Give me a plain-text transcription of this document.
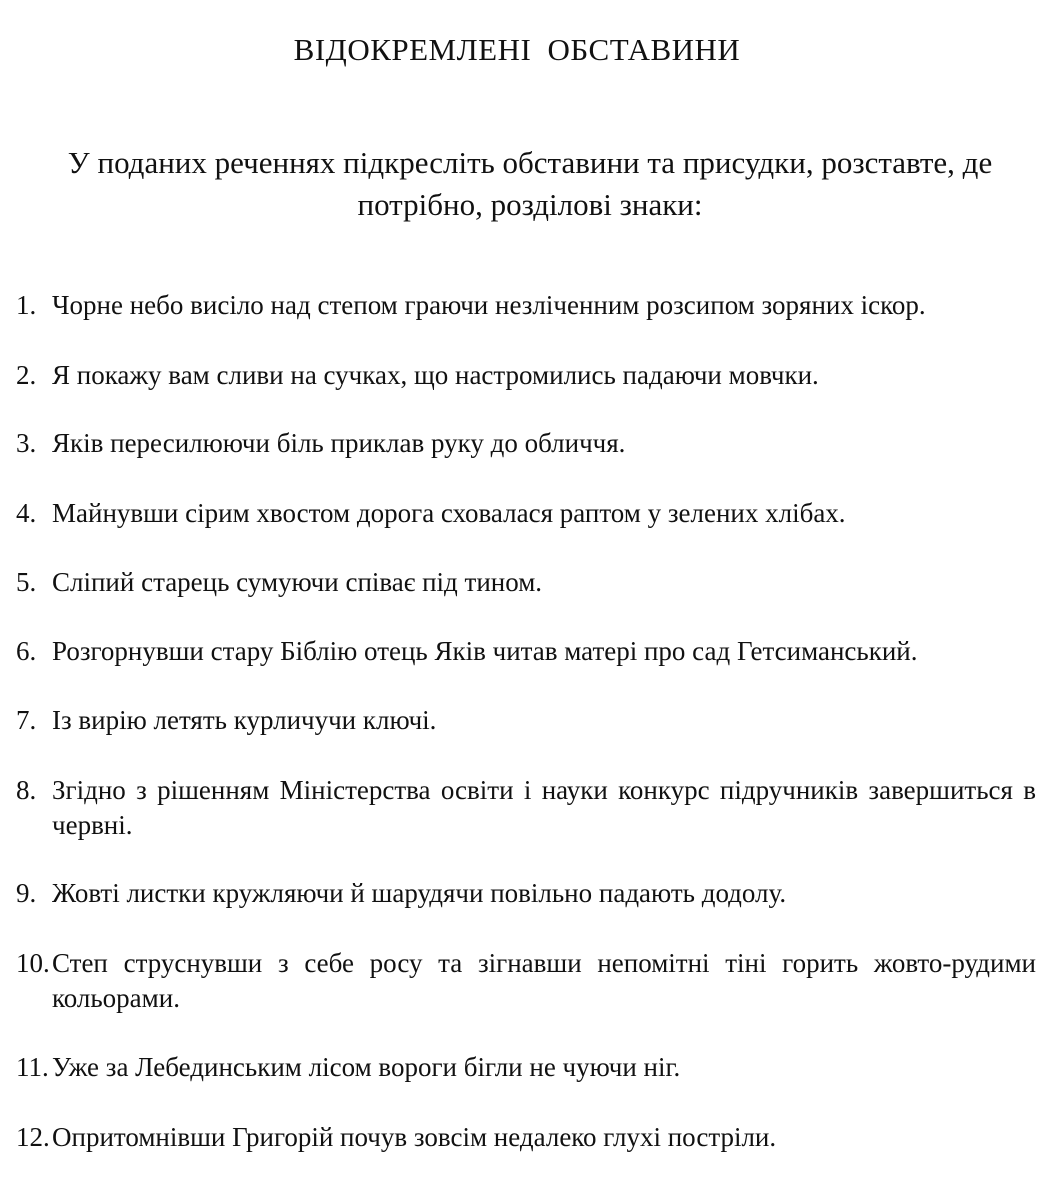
ВІДОКРЕМЛЕНІ ОБСТАВИНИ
У поданих реченнях підкресліть обставини та присудки, розставте, де потрібно, розділові знаки:
1. Чорне небо висіло над степом граючи незліченним розсипом зоряних іскор.
2. Я покажу вам сливи на сучках, що настромились падаючи мовчки.
3. Яків пересилюючи біль приклав руку до обличчя.
4. Майнувши сірим хвостом дорога сховалася раптом у зелених хлібах.
5. Сліпий старець сумуючи співає під тином.
6. Розгорнувши стару Біблію отець Яків читав матері про сад Гетсиманський.
7. Із вирію летять курличучи ключі.
8. Згідно з рішенням Міністерства освіти і науки конкурс підручників завершиться в червні.
9. Жовті листки кружляючи й шарудячи повільно падають додолу.
10. Степ струснувши з себе росу та зігнавши непомітні тіні горить жовто-рудими кольорами.
11. Уже за Лебединським лісом вороги бігли не чуючи ніг.
12. Опритомнівши Григорій почув зовсім недалеко глухі постріли.
